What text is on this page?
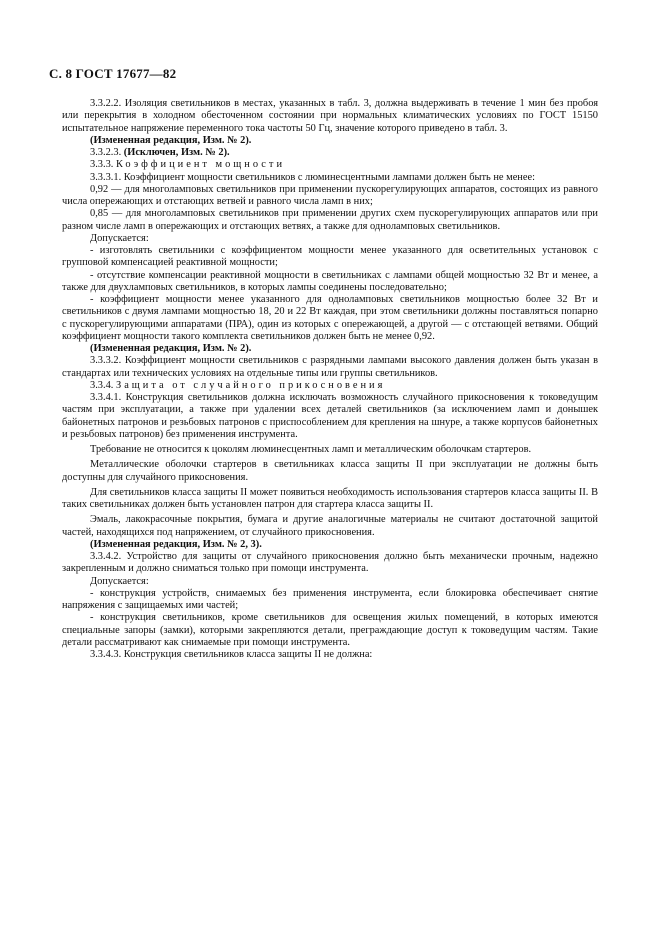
С. 8 ГОСТ 17677—82

3.3.2.2. Изоляция светильников в местах, указанных в табл. 3, должна выдерживать в течение 1 мин без пробоя или перекрытия в холодном обесточенном состоянии при нормальных климатических условиях по ГОСТ 15150 испытательное напряжение переменного тока частоты 50 Гц, значение которого приведено в табл. 3.

(Измененная редакция, Изм. № 2).

3.3.2.3. (Исключен, Изм. № 2).

3.3.3. Коэффициент мощности

3.3.3.1. Коэффициент мощности светильников с люминесцентными лампами должен быть не менее:

0,92 — для многоламповых светильников при применении пускорегулирующих аппаратов, состоящих из равного числа опережающих и отстающих ветвей и равного числа ламп в них;

0,85 — для многоламповых светильников при применении других схем пускорегулирующих аппаратов или при разном числе ламп в опережающих и отстающих ветвях, а также для одноламповых светильников.

Допускается:

- изготовлять светильники с коэффициентом мощности менее указанного для осветительных установок с групповой компенсацией реактивной мощности;

- отсутствие компенсации реактивной мощности в светильниках с лампами общей мощностью 32 Вт и менее, а также для двухламповых светильников, в которых лампы соединены последовательно;

- коэффициент мощности менее указанного для одноламповых светильников мощностью более 32 Вт и светильников с двумя лампами мощностью 18, 20 и 22 Вт каждая, при этом светильники должны поставляться попарно с пускорегулирующими аппаратами (ПРА), один из которых с опережающей, а другой — с отстающей ветвями. Общий коэффициент мощности такого комплекта светильников должен быть не менее 0,92.

(Измененная редакция, Изм. № 2).

3.3.3.2. Коэффициент мощности светильников с разрядными лампами высокого давления должен быть указан в стандартах или технических условиях на отдельные типы или группы светильников.

3.3.4. Защита от случайного прикосновения

3.3.4.1. Конструкция светильников должна исключать возможность случайного прикосновения к токоведущим частям при эксплуатации, а также при удалении всех деталей светильников (за исключением ламп и донышек байонетных патронов и резьбовых патронов с приспособлением для крепления на шнуре, а также корпусов байонетных и резьбовых патронов) без применения инструмента.

Требование не относится к цоколям люминесцентных ламп и металлическим оболочкам стартеров.

Металлические оболочки стартеров в светильниках класса защиты II при эксплуатации не должны быть доступны для случайного прикосновения.

Для светильников класса защиты II может появиться необходимость использования стартеров класса защиты II. В таких светильниках должен быть установлен патрон для стартера класса защиты II.

Эмаль, лакокрасочные покрытия, бумага и другие аналогичные материалы не считают достаточной защитой частей, находящихся под напряжением, от случайного прикосновения.

(Измененная редакция, Изм. № 2, 3).

3.3.4.2. Устройство для защиты от случайного прикосновения должно быть механически прочным, надежно закрепленным и должно сниматься только при помощи инструмента.

Допускается:

- конструкция устройств, снимаемых без применения инструмента, если блокировка обеспечивает снятие напряжения с защищаемых ими частей;

- конструкция светильников, кроме светильников для освещения жилых помещений, в которых имеются специальные запоры (замки), которыми закрепляются детали, преграждающие доступ к токоведущим частям. Такие детали рассматривают как снимаемые при помощи инструмента.

3.3.4.3. Конструкция светильников класса защиты II не должна:
